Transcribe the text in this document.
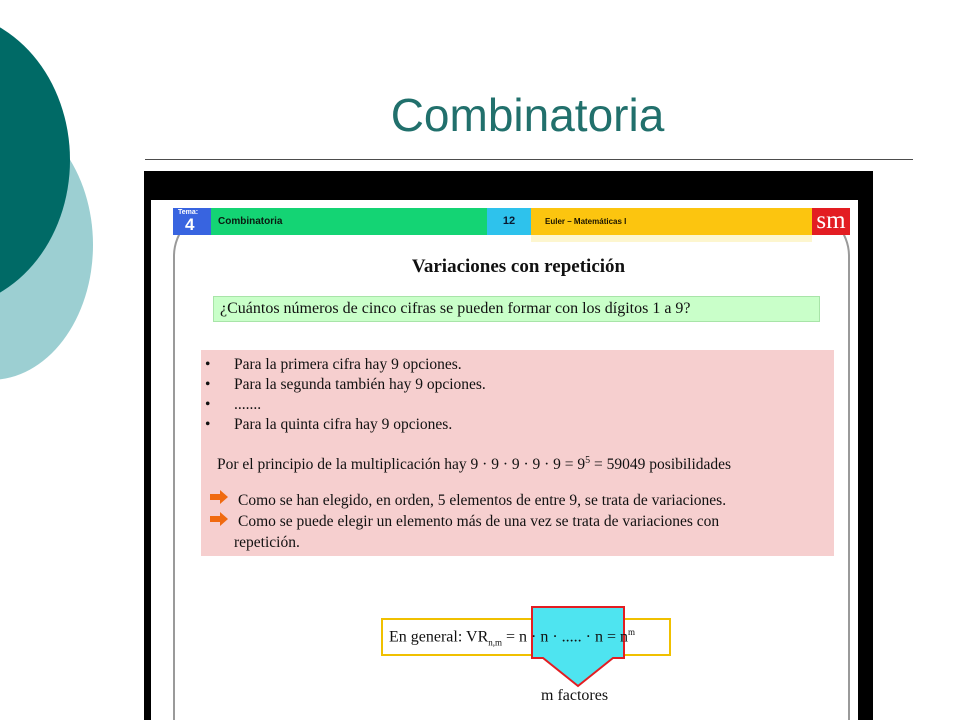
Combinatoria
Tema:
4	Combinatoria	12	Euler – Matemáticas I	sm
Variaciones con repetición
¿Cuántos números de cinco cifras se pueden formar con los dígitos 1 a 9?
• Para la primera cifra hay 9 opciones.
• Para la segunda también hay 9 opciones.
• .......
• Para la quinta cifra hay 9 opciones.
Por el principio de la multiplicación hay $9 \cdot 9 \cdot 9 \cdot 9 \cdot 9 = 9^5 = 59049$ posibilidades
Como se han elegido, en orden, 5 elementos de entre 9, se trata de variaciones.
Como se puede elegir un elemento más de una vez se trata de variaciones con
repetición.
En general: $VR_{n,m} = n \cdot n$ · ..... · $n = n^m$
m factores
